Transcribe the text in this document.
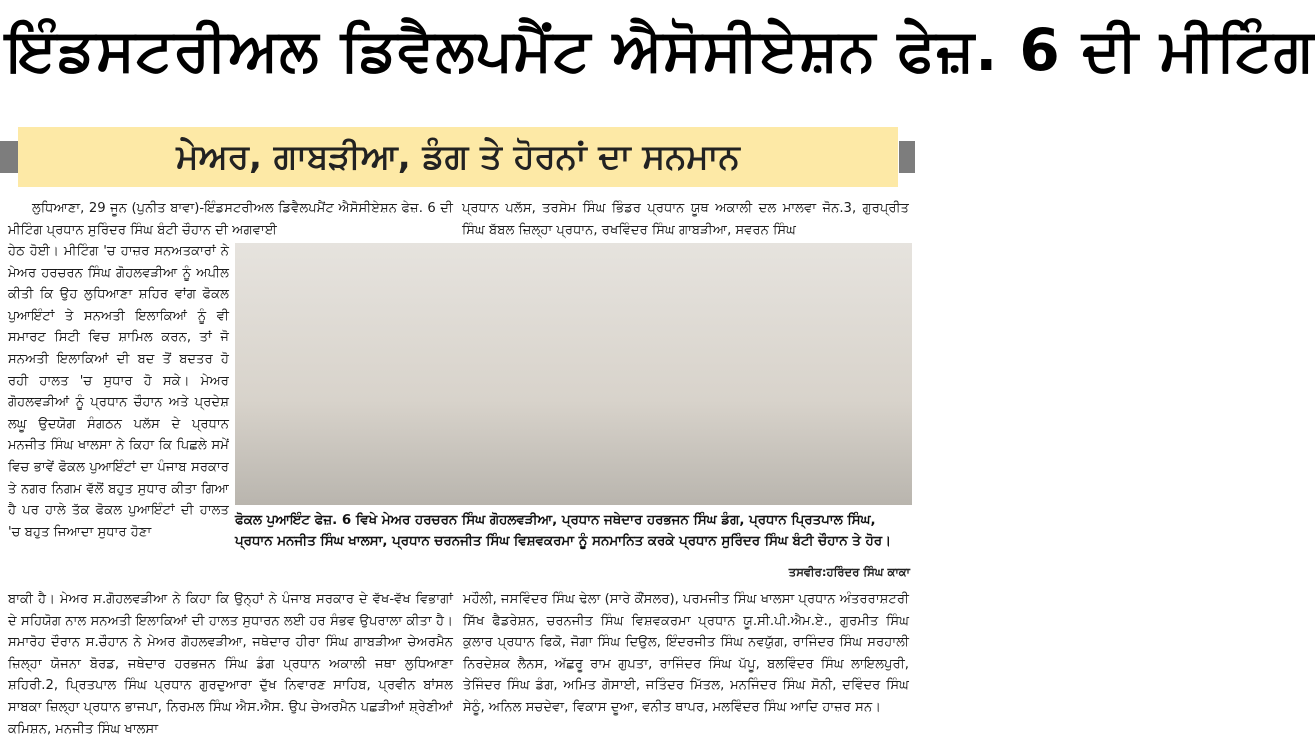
ਇੰਡਸਟਰੀਅਲ ਡਿਵੈਲਪਮੈਂਟ ਐਸੋਸੀਏਸ਼ਨ ਫੇਜ਼. 6 ਦੀ ਮੀਟਿੰਗ
ਮੇਅਰ, ਗਾਬੜੀਆ, ਡੰਗ ਤੇ ਹੋਰਨਾਂ ਦਾ ਸਨਮਾਨ

ਲੁਧਿਆਣਾ, 29 ਜੂਨ (ਪੁਨੀਤ ਬਾਵਾ)-ਇੰਡਸਟਰੀਅਲ ਡਿਵੈਲਪਮੈਂਟ ਐਸੋਸੀਏਸ਼ਨ ਫੇਜ਼. 6 ਦੀ ਮੀਟਿੰਗ ਪ੍ਰਧਾਨ ਸੁਰਿੰਦਰ ਸਿੰਘ ਬੰਟੀ ਚੌਹਾਨ ਦੀ ਅਗਵਾਈ

ਪ੍ਰਧਾਨ ਪਲੱਸ, ਤਰਸੇਮ ਸਿੰਘ ਭਿੰਡਰ ਪ੍ਰਧਾਨ ਯੂਥ ਅਕਾਲੀ ਦਲ ਮਾਲਵਾ ਜੋਨ.3, ਗੁਰਪ੍ਰੀਤ ਸਿੰਘ ਬੱਬਲ ਜ਼ਿਲ੍ਹਾ ਪ੍ਰਧਾਨ, ਰਖਵਿੰਦਰ ਸਿੰਘ ਗਾਬੜੀਆ, ਸਵਰਨ ਸਿੰਘ

ਹੇਠ ਹੋਈ। ਮੀਟਿੰਗ 'ਚ ਹਾਜ਼ਰ ਸਨਅਤਕਾਰਾਂ ਨੇ ਮੇਅਰ ਹਰਚਰਨ ਸਿੰਘ ਗੋਹਲਵੜੀਆ ਨੂੰ ਅਪੀਲ ਕੀਤੀ ਕਿ ਉਹ ਲੁਧਿਆਣਾ ਸ਼ਹਿਰ ਵਾਂਗ ਫੋਕਲ ਪੁਆਇੰਟਾਂ ਤੇ ਸਨਅਤੀ ਇਲਾਕਿਆਂ ਨੂੰ ਵੀ ਸਮਾਰਟ ਸਿਟੀ ਵਿਚ ਸ਼ਾਮਿਲ ਕਰਨ, ਤਾਂ ਜੋ ਸਨਅਤੀ ਇਲਾਕਿਆਂ ਦੀ ਬਦ ਤੋਂ ਬਦਤਰ ਹੋ ਰਹੀ ਹਾਲਤ 'ਚ ਸੁਧਾਰ ਹੋ ਸਕੇ। ਮੇਅਰ ਗੋਹਲਵੜੀਆਂ ਨੂੰ ਪ੍ਰਧਾਨ ਚੌਹਾਨ ਅਤੇ ਪ੍ਰਦੇਸ਼ ਲਘੂ ਉਦਯੋਗ ਸੰਗਠਨ ਪਲੱਸ ਦੇ ਪ੍ਰਧਾਨ ਮਨਜੀਤ ਸਿੰਘ ਖਾਲਸਾ ਨੇ ਕਿਹਾ ਕਿ ਪਿਛਲੇ ਸਮੇਂ ਵਿਚ ਭਾਵੇਂ ਫੋਕਲ ਪੁਆਇੰਟਾਂ ਦਾ ਪੰਜਾਬ ਸਰਕਾਰ ਤੇ ਨਗਰ ਨਿਗਮ ਵੱਲੋਂ ਬਹੁਤ ਸੁਧਾਰ ਕੀਤਾ ਗਿਆ ਹੈ ਪਰ ਹਾਲੇ ਤੱਕ ਫੋਕਲ ਪੁਆਇੰਟਾਂ ਦੀ ਹਾਲਤ 'ਚ ਬਹੁਤ ਜਿਆਦਾ ਸੁਧਾਰ ਹੋਣਾ

ਫੋਕਲ ਪੁਆਇੰਟ ਫੇਜ਼. 6 ਵਿਖੇ ਮੇਅਰ ਹਰਚਰਨ ਸਿੰਘ ਗੋਹਲਵੜੀਆ, ਪ੍ਰਧਾਨ ਜਥੇਦਾਰ ਹਰਭਜਨ ਸਿੰਘ ਡੰਗ, ਪ੍ਰਧਾਨ ਪ੍ਰਿਤਪਾਲ ਸਿੰਘ, ਪ੍ਰਧਾਨ ਮਨਜੀਤ ਸਿੰਘ ਖਾਲਸਾ, ਪ੍ਰਧਾਨ ਚਰਨਜੀਤ ਸਿੰਘ ਵਿਸ਼ਵਕਰਮਾ ਨੂੰ ਸਨਮਾਨਿਤ ਕਰਕੇ ਪ੍ਰਧਾਨ ਸੁਰਿੰਦਰ ਸਿੰਘ ਬੰਟੀ ਚੌਹਾਨ ਤੇ ਹੋਰ।
ਤਸਵੀਰ:ਹਰਿੰਦਰ ਸਿੰਘ ਕਾਕਾ

ਬਾਕੀ ਹੈ। ਮੇਅਰ ਸ.ਗੋਹਲਵੜੀਆ ਨੇ ਕਿਹਾ ਕਿ ਉਨ੍ਹਾਂ ਨੇ ਪੰਜਾਬ ਸਰਕਾਰ ਦੇ ਵੱਖ-ਵੱਖ ਵਿਭਾਗਾਂ ਦੇ ਸਹਿਯੋਗ ਨਾਲ ਸਨਅਤੀ ਇਲਾਕਿਆਂ ਦੀ ਹਾਲਤ ਸੁਧਾਰਨ ਲਈ ਹਰ ਸੰਭਵ ਉਪਰਾਲਾ ਕੀਤਾ ਹੈ। ਸਮਾਰੋਹ ਦੌਰਾਨ ਸ.ਚੌਹਾਨ ਨੇ ਮੇਅਰ ਗੋਹਲਵੜੀਆ, ਜਥੇਦਾਰ ਹੀਰਾ ਸਿੰਘ ਗਾਬੜੀਆ ਚੇਅਰਮੈਨ ਜ਼ਿਲ੍ਹਾ ਯੋਜਨਾ ਬੋਰਡ, ਜਥੇਦਾਰ ਹਰਭਜਨ ਸਿੰਘ ਡੰਗ ਪ੍ਰਧਾਨ ਅਕਾਲੀ ਜਥਾ ਲੁਧਿਆਣਾ ਸ਼ਹਿਰੀ.2, ਪ੍ਰਿਤਪਾਲ ਸਿੰਘ ਪ੍ਰਧਾਨ ਗੁਰਦੁਆਰਾ ਦੁੱਖ ਨਿਵਾਰਣ ਸਾਹਿਬ, ਪ੍ਰਵੀਨ ਬਾਂਸਲ ਸਾਬਕਾ ਜ਼ਿਲ੍ਹਾ ਪ੍ਰਧਾਨ ਭਾਜਪਾ, ਨਿਰਮਲ ਸਿੰਘ ਐਸ.ਐਸ. ਉਪ ਚੇਅਰਮੈਨ ਪਛੜੀਆਂ ਸ਼੍ਰੇਣੀਆਂ ਕਮਿਸ਼ਨ, ਮਨਜੀਤ ਸਿੰਘ ਖਾਲਸਾ

ਮਹੌਲੀ, ਜਸਵਿੰਦਰ ਸਿੰਘ ਢੇਲਾ (ਸਾਰੇ ਕੌਂਸਲਰ), ਪਰਮਜੀਤ ਸਿੰਘ ਖਾਲਸਾ ਪ੍ਰਧਾਨ ਅੰਤਰਰਾਸ਼ਟਰੀ ਸਿੱਖ ਫੈਡਰੇਸ਼ਨ, ਚਰਨਜੀਤ ਸਿੰਘ ਵਿਸ਼ਵਕਰਮਾ ਪ੍ਰਧਾਨ ਯੂ.ਸੀ.ਪੀ.ਐਮ.ਏ., ਗੁਰਮੀਤ ਸਿੰਘ ਕੁਲਾਰ ਪ੍ਰਧਾਨ ਫਿਕੋ, ਜੋਗਾ ਸਿੰਘ ਦਿਉਲ, ਇੰਦਰਜੀਤ ਸਿੰਘ ਨਵਯੁੱਗ, ਰਾਜਿੰਦਰ ਸਿੰਘ ਸਰਹਾਲੀ ਨਿਰਦੇਸ਼ਕ ਲੈਨਸ, ਅੱਛਰੂ ਰਾਮ ਗੁਪਤਾ, ਰਾਜਿੰਦਰ ਸਿੰਘ ਪੱਪੂ, ਬਲਵਿੰਦਰ ਸਿੰਘ ਲਾਇਲਪੁਰੀ, ਤੇਜਿੰਦਰ ਸਿੰਘ ਡੰਗ, ਅਮਿਤ ਗੋਸਾਈ, ਜਤਿੰਦਰ ਮਿੱਤਲ, ਮਨਜਿੰਦਰ ਸਿੰਘ ਸੋਨੀ, ਦਵਿੰਦਰ ਸਿੰਘ ਸੇਠੂੰ, ਅਨਿਲ ਸਚਦੇਵਾ, ਵਿਕਾਸ ਦੂਆ, ਵਨੀਤ ਥਾਪਰ, ਮਲਵਿੰਦਰ ਸਿੰਘ ਆਦਿ ਹਾਜ਼ਰ ਸਨ।
